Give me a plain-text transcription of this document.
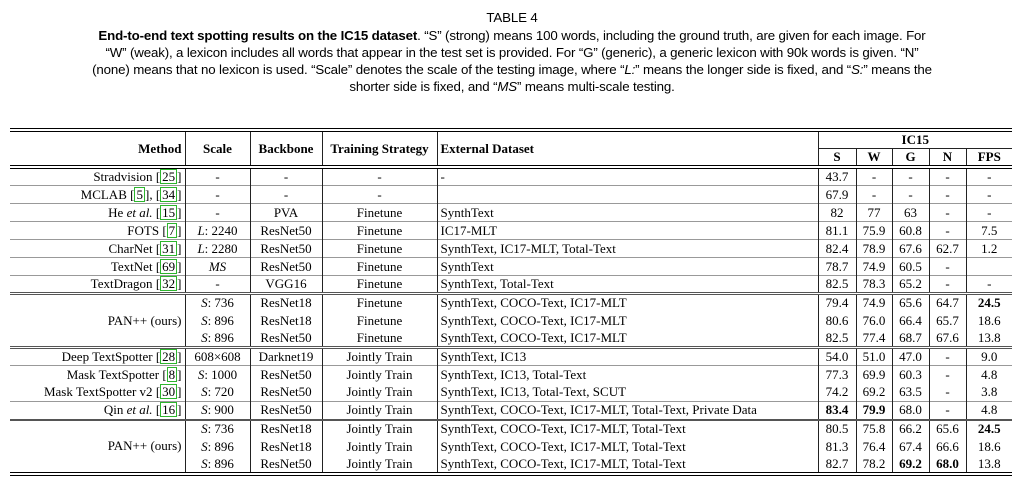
TABLE 4
End-to-end text spotting results on the IC15 dataset. “S” (strong) means 100 words, including the ground truth, are given for each image. For
“W” (weak), a lexicon includes all words that appear in the test set is provided. For “G” (generic), a generic lexicon with 90k words is given. “N”
(none) means that no lexicon is used. “Scale” denotes the scale of the testing image, where “L:” means the longer side is fixed, and “S:” means the
shorter side is fixed, and “MS” means multi-scale testing.
Method	Scale	Backbone	Training Strategy	External Dataset	IC15				
					S	W	G	N	FPS
Stradvision [ 25 ]	-	-	-	-	43.7	-	-	-	-
MCLAB [ 5 ], [ 34 ]	-	-	-		67.9	-	-	-	-
He et al. [ 15 ]	-	PVA	Finetune	SynthText	82	77	63	-	-
FOTS [ 7 ]	L: 2240	ResNet50	Finetune	IC17-MLT	81.1	75.9	60.8	-	7.5
CharNet [ 31 ]	L: 2280	ResNet50	Finetune	SynthText, IC17-MLT, Total-Text	82.4	78.9	67.6	62.7	1.2
TextNet [ 69 ]	MS	ResNet50	Finetune	SynthText	78.7	74.9	60.5	-	
TextDragon [ 32 ]	-	VGG16	Finetune	SynthText, Total-Text	82.5	78.3	65.2	-	-
PAN++ (ours)	S: 736	ResNet18	Finetune	SynthText, COCO-Text, IC17-MLT	79.4	74.9	65.6	64.7	24.5
	S: 896	ResNet18	Finetune	SynthText, COCO-Text, IC17-MLT	80.6	76.0	66.4	65.7	18.6
	S: 896	ResNet50	Finetune	SynthText, COCO-Text, IC17-MLT	82.5	77.4	68.7	67.6	13.8
Deep TextSpotter [ 28 ]	608×608	Darknet19	Jointly Train	SynthText, IC13	54.0	51.0	47.0	-	9.0
Mask TextSpotter [ 8 ]	S: 1000	ResNet50	Jointly Train	SynthText, IC13, Total-Text	77.3	69.9	60.3	-	4.8
Mask TextSpotter v2 [ 30 ]	S: 720	ResNet50	Jointly Train	SynthText, IC13, Total-Text, SCUT	74.2	69.2	63.5	-	3.8
Qin et al. [ 16 ]	S: 900	ResNet50	Jointly Train	SynthText, COCO-Text, IC17-MLT, Total-Text, Private Data	83.4	79.9	68.0	-	4.8
PAN++ (ours)	S: 736	ResNet18	Jointly Train	SynthText, COCO-Text, IC17-MLT, Total-Text	80.5	75.8	66.2	65.6	24.5
	S: 896	ResNet18	Jointly Train	SynthText, COCO-Text, IC17-MLT, Total-Text	81.3	76.4	67.4	66.6	18.6
	S: 896	ResNet50	Jointly Train	SynthText, COCO-Text, IC17-MLT, Total-Text	82.7	78.2	69.2	68.0	13.8
